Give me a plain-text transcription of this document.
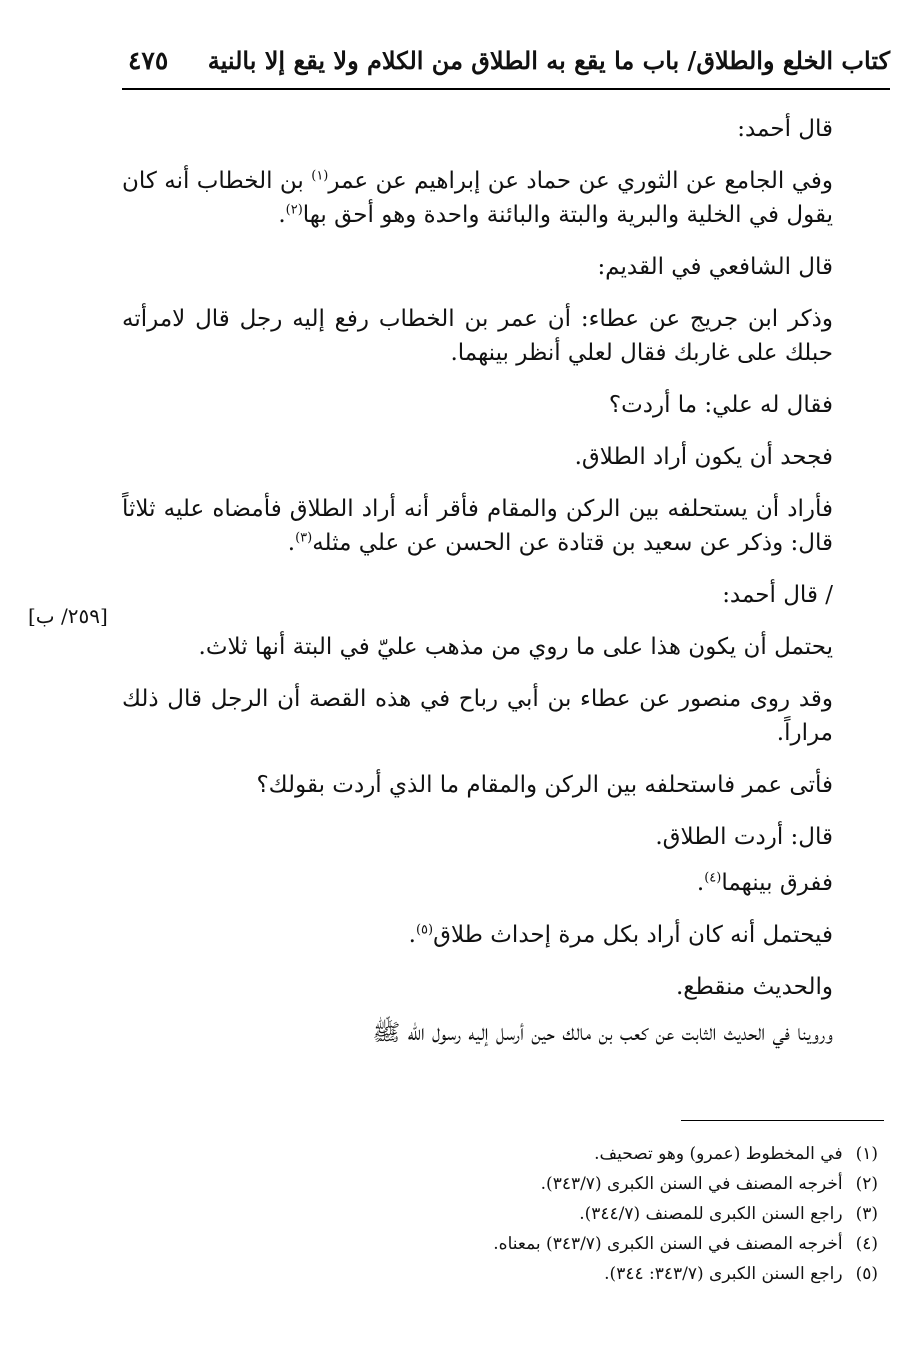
كتاب الخلع والطلاق/ باب ما يقع به الطلاق من الكلام ولا يقع إلا بالنية
٤٧٥
[٢٥٩/ ب]

قال أحمد:

وفي الجامع عن الثوري عن حماد عن إبراهيم عن عمر$^{(١)}$ بن الخطاب أنه كان يقول في الخلية والبرية والبتة والبائنة واحدة وهو أحق بها$^{(٢)}$.

قال الشافعي في القديم:

وذكر ابن جريج عن عطاء: أن عمر بن الخطاب رفع إليه رجل قال لامرأته حبلك على غاربك فقال لعلي أنظر بينهما.

فقال له علي: ما أردت؟

فجحد أن يكون أراد الطلاق.

فأراد أن يستحلفه بين الركن والمقام فأقر أنه أراد الطلاق فأمضاه عليه ثلاثاً قال: وذكر عن سعيد بن قتادة عن الحسن عن علي مثله$^{(٣)}$.

/ قال أحمد:

يحتمل أن يكون هذا على ما روي من مذهب عليّ في البتة أنها ثلاث.

وقد روى منصور عن عطاء بن أبي رباح في هذه القصة أن الرجل قال ذلك مراراً.

فأتى عمر فاستحلفه بين الركن والمقام ما الذي أردت بقولك؟

قال: أردت الطلاق.

ففرق بينهما$^{(٤)}$.

فيحتمل أنه كان أراد بكل مرة إحداث طلاق$^{(٥)}$.

والحديث منقطع.

وروينا في الحديث الثابت عن كعب بن مالك حين أرسل إليه رسول الله ﷺ

(١) في المخطوط (عمرو) وهو تصحيف.

(٢) أخرجه المصنف في السنن الكبرى (٣٤٣/٧).

(٣) راجع السنن الكبرى للمصنف (٣٤٤/٧).

(٤) أخرجه المصنف في السنن الكبرى (٣٤٣/٧) بمعناه.

(٥) راجع السنن الكبرى (٣٤٣/٧: ٣٤٤).
